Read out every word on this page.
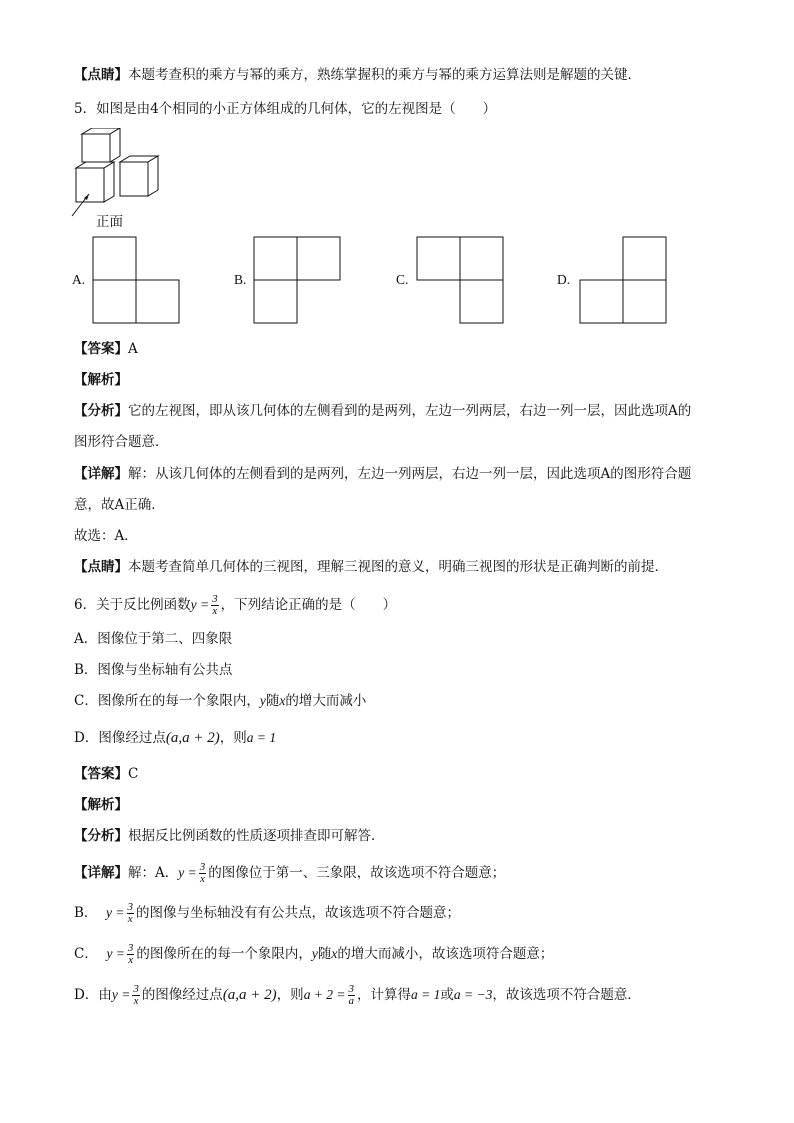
【点睛】本题考查积的乘方与幂的乘方，熟练掌握积的乘方与幂的乘方运算法则是解题的关键．
5．如图是由4个相同的小正方体组成的几何体，它的左视图是（　　）
正面
A.	B.	C.	D.
【答案】A
【解析】
【分析】它的左视图，即从该几何体的左侧看到的是两列，左边一列两层，右边一列一层，因此选项A的
图形符合题意．
【详解】解：从该几何体的左侧看到的是两列，左边一列两层，右边一列一层，因此选项A的图形符合题
意，故A正确．
故选：A．
【点睛】本题考查简单几何体的三视图，理解三视图的意义，明确三视图的形状是正确判断的前提．
6．关于反比例函数$y = \frac{3}{x}$ ，下列结论正确的是（　　）
A．图像位于第二、四象限
B．图像与坐标轴有公共点
C．图像所在的每一个象限内，y随x的增大而减小
D．图像经过点(a,a + 2)，则a = 1
【答案】C
【解析】
【分析】根据反比例函数的性质逐项排查即可解答．
【详解】解：A．$y = \frac{3}{x}$ 的图像位于第一、三象限，故该选项不符合题意；
B． $y = \frac{3}{x}$ 的图像与坐标轴没有有公共点，故该选项不符合题意；
C． $y = \frac{3}{x}$ 的图像所在的每一个象限内，y随x的增大而减小，故该选项符合题意；
D．由$y = \frac{3}{x}$ 的图像经过点(a,a + 2)，则$a + 2 = \frac{3}{a}$ ，计算得a = 1或a = −3，故该选项不符合题意．
